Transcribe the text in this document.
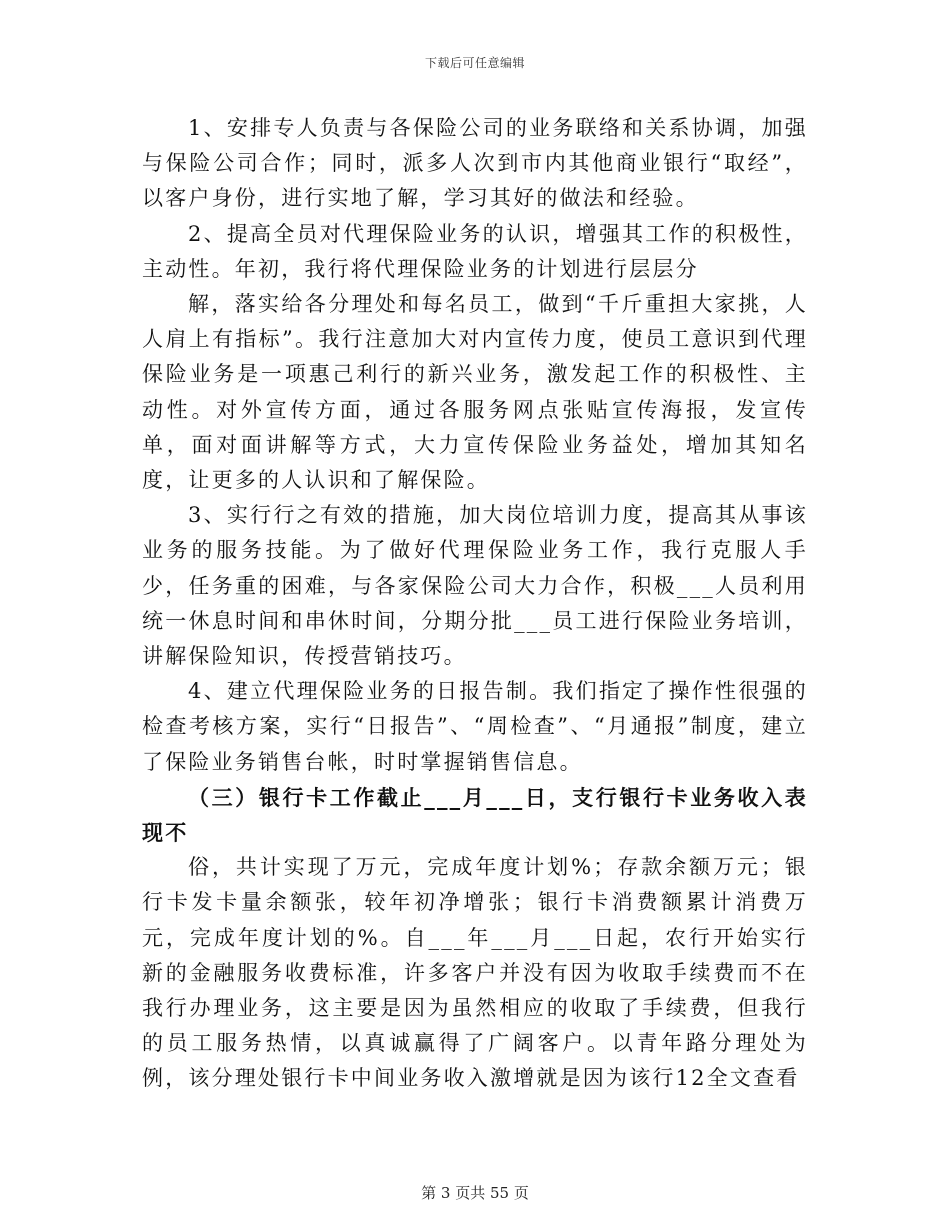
下载后可任意编辑

1、安排专人负责与各保险公司的业务联络和关系协调，加强与保险公司合作；同时，派多人次到市内其他商业银行“取经”，以客户身份，进行实地了解，学习其好的做法和经验。

2、提高全员对代理保险业务的认识，增强其工作的积极性，主动性。年初，我行将代理保险业务的计划进行层层分

解，落实给各分理处和每名员工，做到“千斤重担大家挑，人人肩上有指标”。我行注意加大对内宣传力度，使员工意识到代理保险业务是一项惠己利行的新兴业务，激发起工作的积极性、主动性。对外宣传方面，通过各服务网点张贴宣传海报，发宣传单，面对面讲解等方式，大力宣传保险业务益处，增加其知名度，让更多的人认识和了解保险。

3、实行行之有效的措施，加大岗位培训力度，提高其从事该业务的服务技能。为了做好代理保险业务工作，我行克服人手少，任务重的困难，与各家保险公司大力合作，积极___人员利用统一休息时间和串休时间，分期分批___员工进行保险业务培训，讲解保险知识，传授营销技巧。

4、建立代理保险业务的日报告制。我们指定了操作性很强的检查考核方案，实行“日报告”、“周检查”、“月通报”制度，建立了保险业务销售台帐，时时掌握销售信息。

（三）银行卡工作截止___月___日，支行银行卡业务收入表现不

俗，共计实现了万元，完成年度计划%；存款余额万元；银行卡发卡量余额张，较年初净增张；银行卡消费额累计消费万元，完成年度计划的%。自___年___月___日起，农行开始实行新的金融服务收费标准，许多客户并没有因为收取手续费而不在我行办理业务，这主要是因为虽然相应的收取了手续费，但我行的员工服务热情，以真诚赢得了广阔客户。以青年路分理处为例，该分理处银行卡中间业务收入激增就是因为该行12全文查看

第 3 页共 55 页
